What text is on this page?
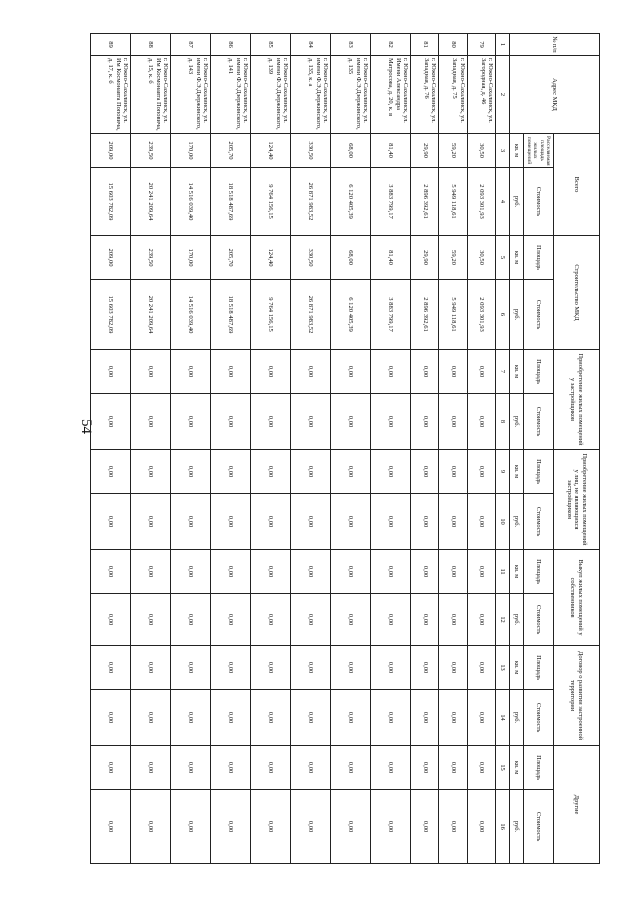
54
№ п/п	Адрес МКД	Всего		Строительство МКД		Приобретение жилых помещений у застройщиков		Приобретение жилых помещений у лиц, не являющихся застройщиком		Выкуп жилых помещений у собственников		Договор о развитии застроенной территории		Другие	
		Расселяемая площадь жилых помещений	Стоимость	Площадь	Стоимость	Площадь	Стоимость	Площадь	Стоимость	Площадь	Стоимость	Площадь	Стоимость	Площадь	Стоимость
		кв. м	руб.	кв. м	руб.	кв. м	руб.	кв. м	руб.	кв. м	руб.	кв. м	руб.	кв. м	руб.
1	2	3	4	5	6	7	8	9	10	11	12	13	14	15	16
79	г. Южно-Сахалинск, ул. Загородная, д. 46	30,50	2 093 301,93	30,50	2 093 301,93	0,00	0,00	0,00	0,00	0,00	0,00	0,00	0,00	0,00	0,00
80	г. Южно-Сахалинск, ул. Западная, д. 75	59,20	5 949 118,61	59,20	5 949 118,61	0,00	0,00	0,00	0,00	0,00	0,00	0,00	0,00	0,00	0,00
81	г. Южно-Сахалинск, ул. Западная, д. 76	29,90	2 896 392,61	29,90	2 896 392,61	0,00	0,00	0,00	0,00	0,00	0,00	0,00	0,00	0,00	0,00
82	г. Южно-Сахалинск, ул. Имени Александра Матросова, д. 20, к. в	81,40	3 883 799,17	81,40	3 883 799,17	0,00	0,00	0,00	0,00	0,00	0,00	0,00	0,00	0,00	0,00
83	г. Южно-Сахалинск, ул. имени Ф.Э.Дзержинского, д. 135	68,00	6 120 405,39	68,00	6 120 405,39	0,00	0,00	0,00	0,00	0,00	0,00	0,00	0,00	0,00	0,00
84	г. Южно-Сахалинск, ул. имени Ф.Э.Дзержинского, д. 135, к. а	330,50	26 871 983,52	330,50	26 871 983,52	0,00	0,00	0,00	0,00	0,00	0,00	0,00	0,00	0,00	0,00
85	г. Южно-Сахалинск, ул. имени Ф.Э.Дзержинского, д. 139	124,40	9 764 156,15	124,40	9 764 156,15	0,00	0,00	0,00	0,00	0,00	0,00	0,00	0,00	0,00	0,00
86	г. Южно-Сахалинск, ул. имени Ф.Э.Дзержинского, д. 141	205,70	18 518 487,69	205,70	18 518 487,69	0,00	0,00	0,00	0,00	0,00	0,00	0,00	0,00	0,00	0,00
87	г. Южно-Сахалинск, ул. имени Ф.Э.Дзержинского, д. 143	170,00	14 516 039,40	170,00	14 516 039,40	0,00	0,00	0,00	0,00	0,00	0,00	0,00	0,00	0,00	0,00
88	г. Южно-Сахалинск, ул. Им Космонавта Поповича, д. 15, к. б	239,50	20 241 209,64	239,50	20 241 209,64	0,00	0,00	0,00	0,00	0,00	0,00	0,00	0,00	0,00	0,00
89	г. Южно-Сахалинск, ул. Им Космонавта Поповича, д. 17, к. б	209,00	15 603 782,09	209,00	15 603 782,09	0,00	0,00	0,00	0,00	0,00	0,00	0,00	0,00	0,00	0,00
